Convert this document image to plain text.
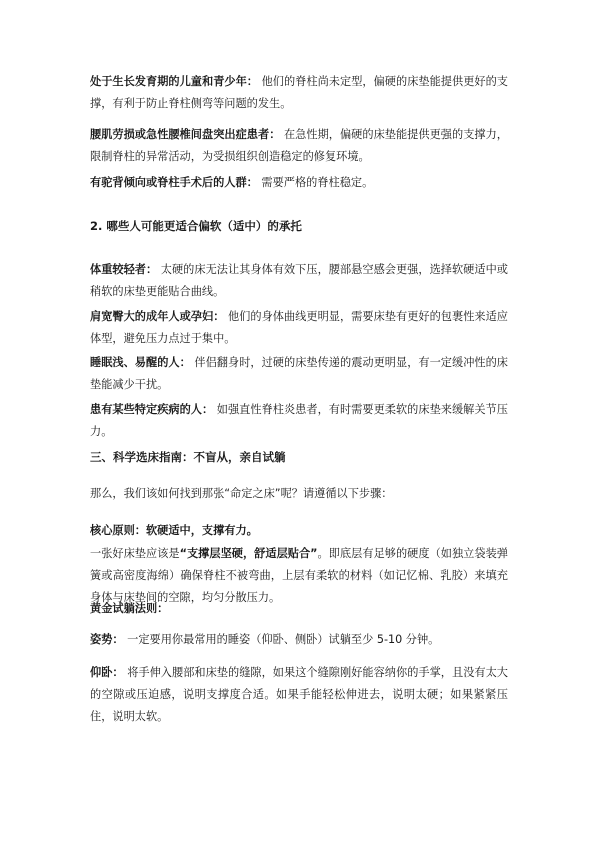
处于生长发育期的儿童和青少年： 他们的脊柱尚未定型，偏硬的床垫能提供更好的支撑，有利于防止脊柱侧弯等问题的发生。

腰肌劳损或急性腰椎间盘突出症患者： 在急性期，偏硬的床垫能提供更强的支撑力，限制脊柱的异常活动，为受损组织创造稳定的修复环境。

有驼背倾向或脊柱手术后的人群： 需要严格的脊柱稳定。

2. 哪些人可能更适合偏软（适中）的承托

体重较轻者： 太硬的床无法让其身体有效下压，腰部悬空感会更强，选择软硬适中或稍软的床垫更能贴合曲线。

肩宽臀大的成年人或孕妇： 他们的身体曲线更明显，需要床垫有更好的包裹性来适应体型，避免压力点过于集中。

睡眠浅、易醒的人： 伴侣翻身时，过硬的床垫传递的震动更明显，有一定缓冲性的床垫能减少干扰。

患有某些特定疾病的人： 如强直性脊柱炎患者，有时需要更柔软的床垫来缓解关节压力。

三、科学选床指南：不盲从，亲自试躺

那么，我们该如何找到那张“命定之床”呢？请遵循以下步骤：

核心原则：软硬适中，支撑有力。

一张好床垫应该是“支撑层坚硬，舒适层贴合”。即底层有足够的硬度（如独立袋装弹簧或高密度海绵）确保脊柱不被弯曲，上层有柔软的材料（如记忆棉、乳胶）来填充身体与床垫间的空隙，均匀分散压力。

黄金试躺法则：

姿势： 一定要用你最常用的睡姿（仰卧、侧卧）试躺至少 5-10 分钟。

仰卧： 将手伸入腰部和床垫的缝隙，如果这个缝隙刚好能容纳你的手掌，且没有太大的空隙或压迫感，说明支撑度合适。如果手能轻松伸进去，说明太硬；如果紧紧压住，说明太软。
